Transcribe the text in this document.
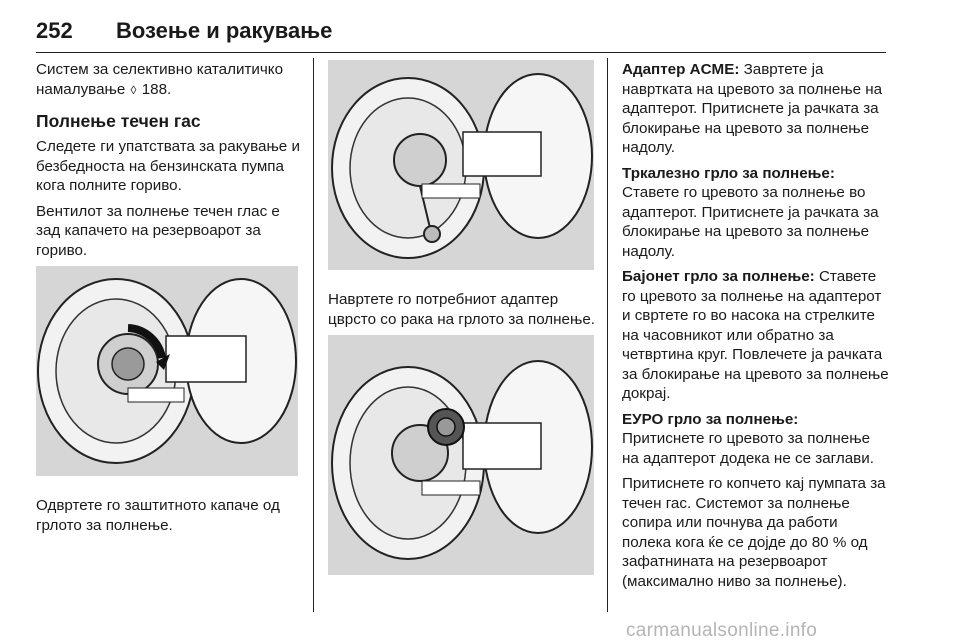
252	Возење и ракување

Систем за селективно каталитичко намалување ◊ 188.

Полнење течен гас

Следете ги упатствата за ракување и безбедноста на бензинската пумпа кога полните гориво.

Вентилот за полнење течен глас е зад капачето на резервоарот за гориво.

Одвртете го заштитното капаче од грлото за полнење.

Навртете го потребниот адаптер цврсто со рака на грлото за полнење.

Адаптер ACME: Завртете ја навртката на цревото за полнење на адаптерот. Притиснете ја рачката за блокирање на цревото за полнење надолу.

Тркалезно грло за полнење:
Ставете го цревото за полнење во адаптерот. Притиснете ја рачката за блокирање на цревото за полнење надолу.

Бајонет грло за полнење: Ставете го цревото за полнење на адаптерот и свртете го во насока на стрелките на часовникот или обратно за четвртина круг. Повлечете ја рачката за блокирање на цревото за полнење докрај.

ЕУРО грло за полнење:
Притиснете го цревото за полнење на адаптерот додека не се заглави.

Притиснете го копчето кај пумпата за течен гас. Системот за полнење сопира или почнува да работи полека кога ќе се дојде до 80 % од зафатнината на резервоарот (максимално ниво за полнење).

carmanualsonline.info
